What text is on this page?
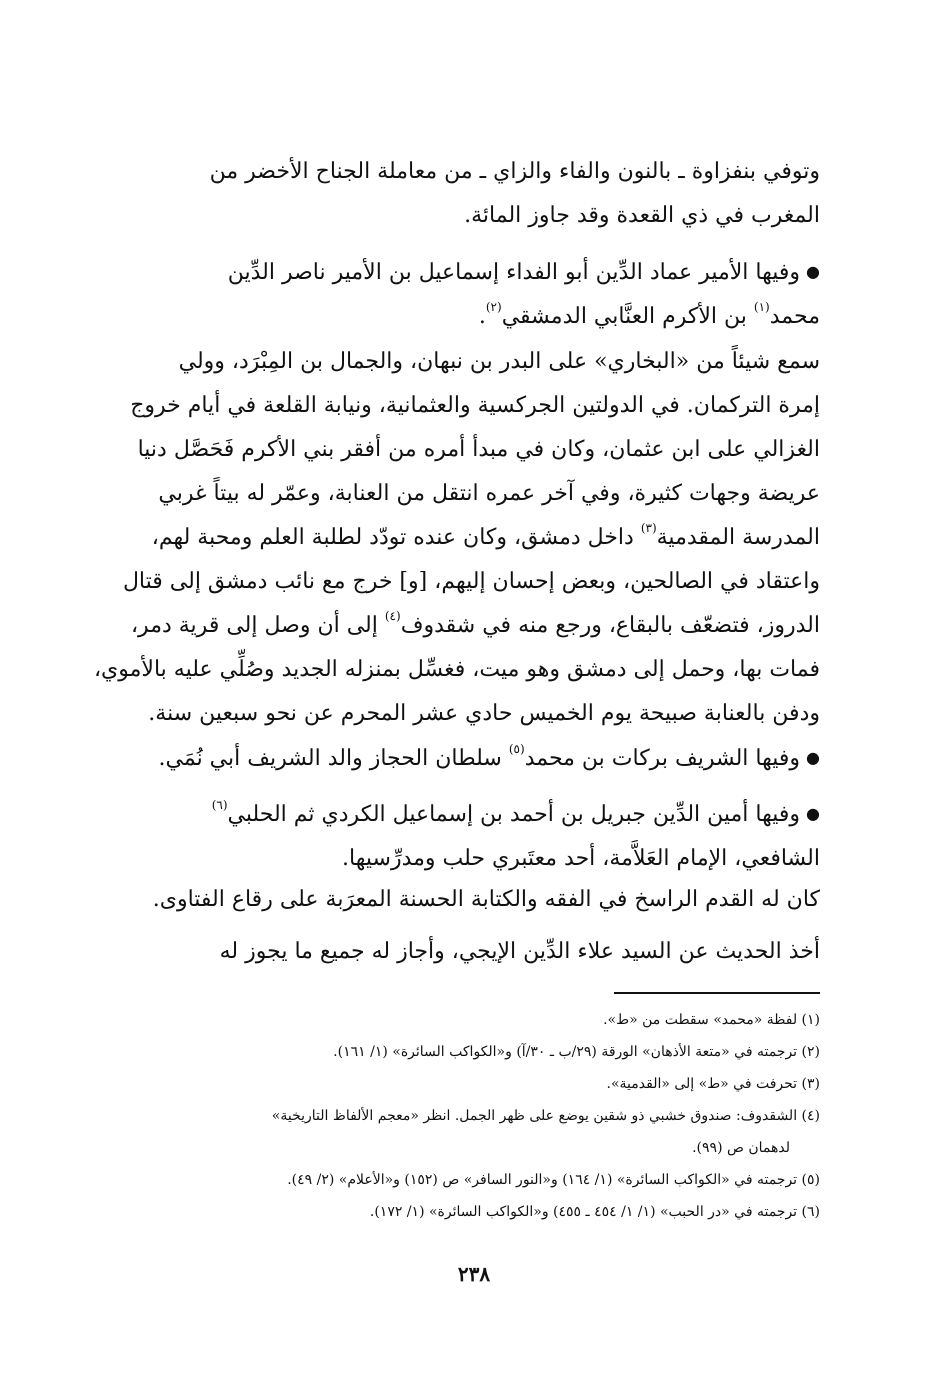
وتوفي بنفزاوة ـ بالنون والفاء والزاي ـ من معاملة الجناح الأخضر من

المغرب في ذي القعدة وقد جاوز المائة.

●وفيها الأمير عماد الدِّين أبو الفداء إسماعيل بن الأمير ناصر الدِّين

محمد$^{(١)}$ بن الأكرم العنَّابي الدمشقي$^{(٢)}$.

سمع شيئاً من «البخاري» على البدر بن نبهان، والجمال بن المِبْرَد، وولي

إمرة التركمان. في الدولتين الجركسية والعثمانية، ونيابة القلعة في أيام خروج

الغزالي على ابن عثمان، وكان في مبدأ أمره من أفقر بني الأكرم فَحَصَّل دنيا

عريضة وجهات كثيرة، وفي آخر عمره انتقل من العنابة، وعمّر له بيتاً غربي

المدرسة المقدمية$^{(٣)}$ داخل دمشق، وكان عنده تودّد لطلبة العلم ومحبة لهم،

واعتقاد في الصالحين، وبعض إحسان إليهم، [و] خرج مع نائب دمشق إلى قتال

الدروز، فتضعّف بالبقاع، ورجع منه في شقدوف$^{(٤)}$ إلى أن وصل إلى قرية دمر،

فمات بها، وحمل إلى دمشق وهو ميت، فغسِّل بمنزله الجديد وصُلِّي عليه بالأموي،

ودفن بالعنابة صبيحة يوم الخميس حادي عشر المحرم عن نحو سبعين سنة.

●وفيها الشريف بركات بن محمد$^{(٥)}$ سلطان الحجاز والد الشريف أبي نُمَي.

●وفيها أمين الدِّين جبريل بن أحمد بن إسماعيل الكردي ثم الحلبي$^{(٦)}$

الشافعي، الإمام العَلاَّمة، أحد معتَبري حلب ومدرِّسيها.

كان له القدم الراسخ في الفقه والكتابة الحسنة المعرَبة على رقاع الفتاوى.

أخذ الحديث عن السيد علاء الدِّين الإيجي، وأجاز له جميع ما يجوز له

(١) لفظة «محمد» سقطت من «ط».

(٢) ترجمته في «متعة الأذهان» الورقة (٢٩/ب ـ ٣٠/آ) و«الكواكب السائرة» (١/ ١٦١).

(٣) تحرفت في «ط» إلى «القدمية».

(٤) الشقدوف: صندوق خشبي ذو شقين يوضع على ظهر الجمل. انظر «معجم الألفاظ التاريخية»

لدهمان ص (٩٩).

(٥) ترجمته في «الكواكب السائرة» (١/ ١٦٤) و«النور السافر» ص (١٥٢) و«الأعلام» (٢/ ٤٩).

(٦) ترجمته في «در الحبب» (١/ ١/ ٤٥٤ ـ ٤٥٥) و«الكواكب السائرة» (١/ ١٧٢).

٢٣٨
